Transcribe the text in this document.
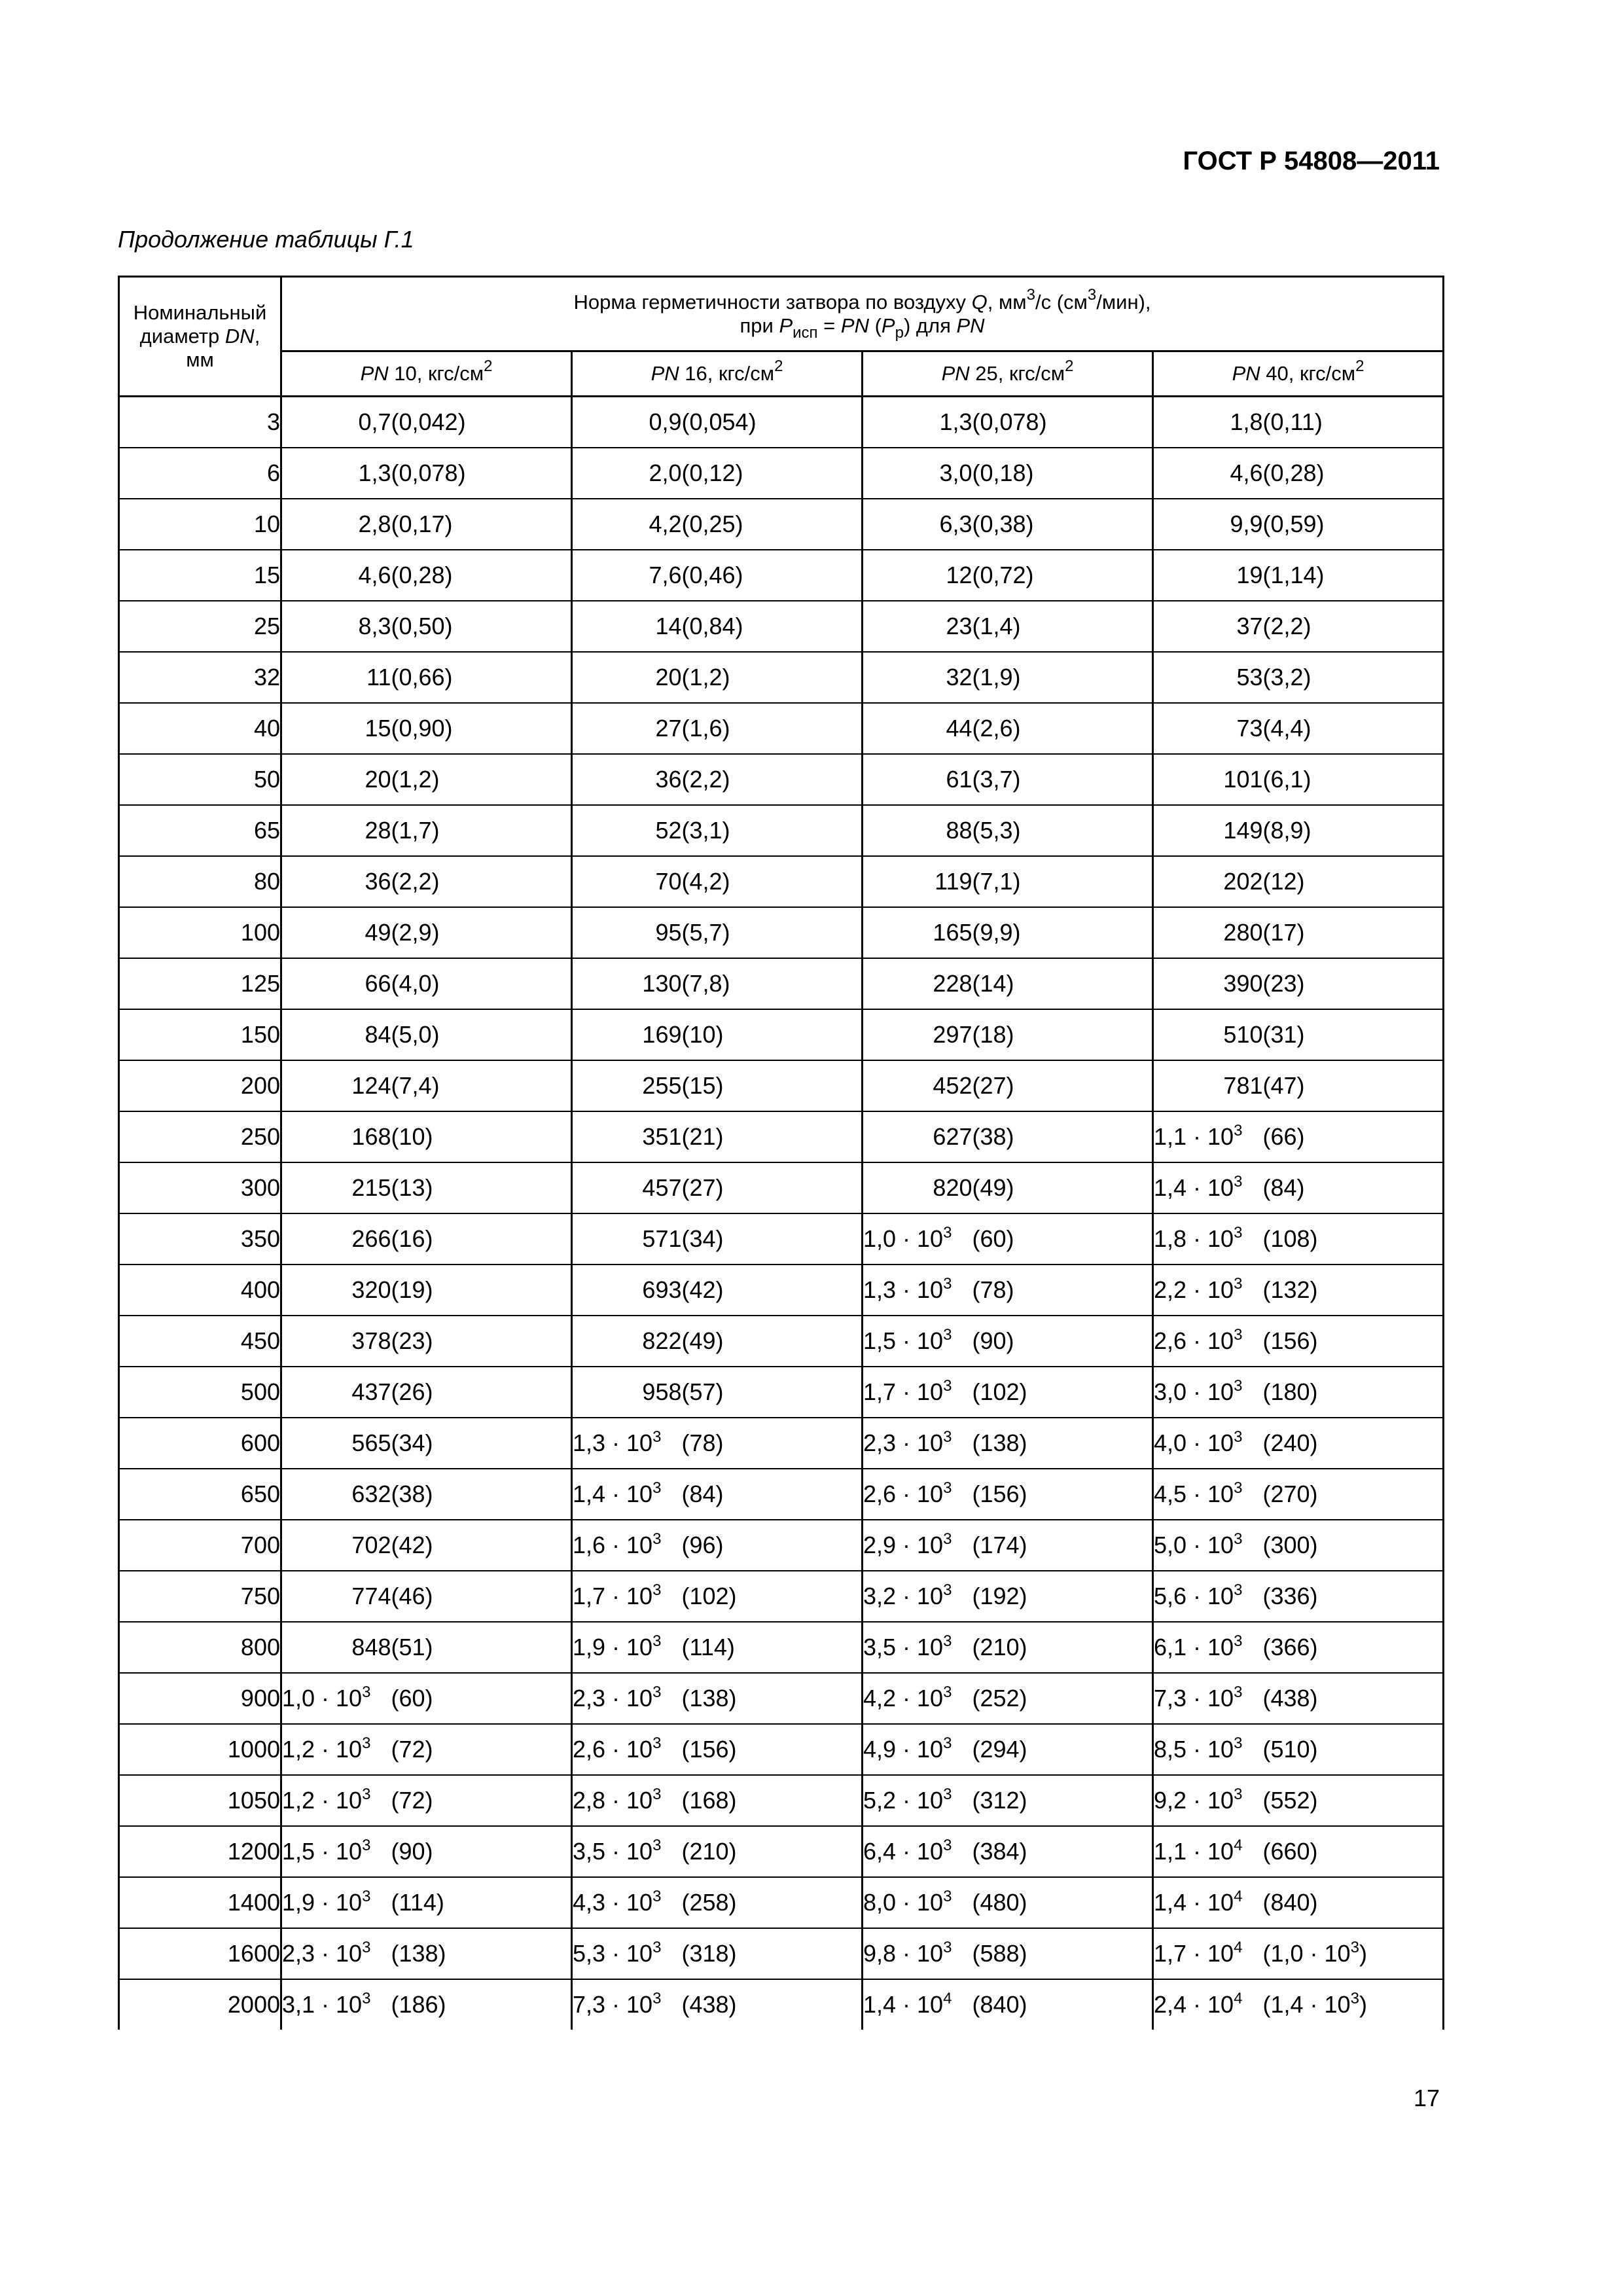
ГОСТ Р 54808—2011
Продолжение таблицы Г.1
Номинальный
диаметр DN,
мм	Норма герметичности затвора по воздуху Q, $мм^3/с$ $(см^3/мин)$,
при $P_{исп}$ = PN $(P_р)$ для PN							
	PN 10, кгс/$см^2$		PN 16, кгс/$см^2$		PN 25, кгс/$см^2$		PN 40, кгс/$см^2$
3	0,7	(0,042)	0,9	(0,054)	1,3	(0,078)	1,8	(0,11)
6	1,3	(0,078)	2,0	(0,12)	3,0	(0,18)	4,6	(0,28)
10	2,8	(0,17)	4,2	(0,25)	6,3	(0,38)	9,9	(0,59)
15	4,6	(0,28)	7,6	(0,46)	12	(0,72)	19	(1,14)
25	8,3	(0,50)	14	(0,84)	23	(1,4)	37	(2,2)
32	11	(0,66)	20	(1,2)	32	(1,9)	53	(3,2)
40	15	(0,90)	27	(1,6)	44	(2,6)	73	(4,4)
50	20	(1,2)	36	(2,2)	61	(3,7)	101	(6,1)
65	28	(1,7)	52	(3,1)	88	(5,3)	149	(8,9)
80	36	(2,2)	70	(4,2)	119	(7,1)	202	(12)
100	49	(2,9)	95	(5,7)	165	(9,9)	280	(17)
125	66	(4,0)	130	(7,8)	228	(14)	390	(23)
150	84	(5,0)	169	(10)	297	(18)	510	(31)
200	124	(7,4)	255	(15)	452	(27)	781	(47)
250	168	(10)	351	(21)	627	(38)	$1,1 \cdot 10^3$	(66)
300	215	(13)	457	(27)	820	(49)	$1,4 \cdot 10^3$	(84)
350	266	(16)	571	(34)	$1,0 \cdot 10^3$	(60)	$1,8 \cdot 10^3$	(108)
400	320	(19)	693	(42)	$1,3 \cdot 10^3$	(78)	$2,2 \cdot 10^3$	(132)
450	378	(23)	822	(49)	$1,5 \cdot 10^3$	(90)	$2,6 \cdot 10^3$	(156)
500	437	(26)	958	(57)	$1,7 \cdot 10^3$	(102)	$3,0 \cdot 10^3$	(180)
600	565	(34)	$1,3 \cdot 10^3$	(78)	$2,3 \cdot 10^3$	(138)	$4,0 \cdot 10^3$	(240)
650	632	(38)	$1,4 \cdot 10^3$	(84)	$2,6 \cdot 10^3$	(156)	$4,5 \cdot 10^3$	(270)
700	702	(42)	$1,6 \cdot 10^3$	(96)	$2,9 \cdot 10^3$	(174)	$5,0 \cdot 10^3$	(300)
750	774	(46)	$1,7 \cdot 10^3$	(102)	$3,2 \cdot 10^3$	(192)	$5,6 \cdot 10^3$	(336)
800	848	(51)	$1,9 \cdot 10^3$	(114)	$3,5 \cdot 10^3$	(210)	$6,1 \cdot 10^3$	(366)
900	$1,0 \cdot 10^3$	(60)	$2,3 \cdot 10^3$	(138)	$4,2 \cdot 10^3$	(252)	$7,3 \cdot 10^3$	(438)
1000	$1,2 \cdot 10^3$	(72)	$2,6 \cdot 10^3$	(156)	$4,9 \cdot 10^3$	(294)	$8,5 \cdot 10^3$	(510)
1050	$1,2 \cdot 10^3$	(72)	$2,8 \cdot 10^3$	(168)	$5,2 \cdot 10^3$	(312)	$9,2 \cdot 10^3$	(552)
1200	$1,5 \cdot 10^3$	(90)	$3,5 \cdot 10^3$	(210)	$6,4 \cdot 10^3$	(384)	$1,1 \cdot 10^4$	(660)
1400	$1,9 \cdot 10^3$	(114)	$4,3 \cdot 10^3$	(258)	$8,0 \cdot 10^3$	(480)	$1,4 \cdot 10^4$	(840)
1600	$2,3 \cdot 10^3$	(138)	$5,3 \cdot 10^3$	(318)	$9,8 \cdot 10^3$	(588)	$1,7 \cdot 10^4$	$(1,0 \cdot 10^3)$
2000	$3,1 \cdot 10^3$	(186)	$7,3 \cdot 10^3$	(438)	$1,4 \cdot 10^4$	(840)	$2,4 \cdot 10^4$	$(1,4 \cdot 10^3)$
17
